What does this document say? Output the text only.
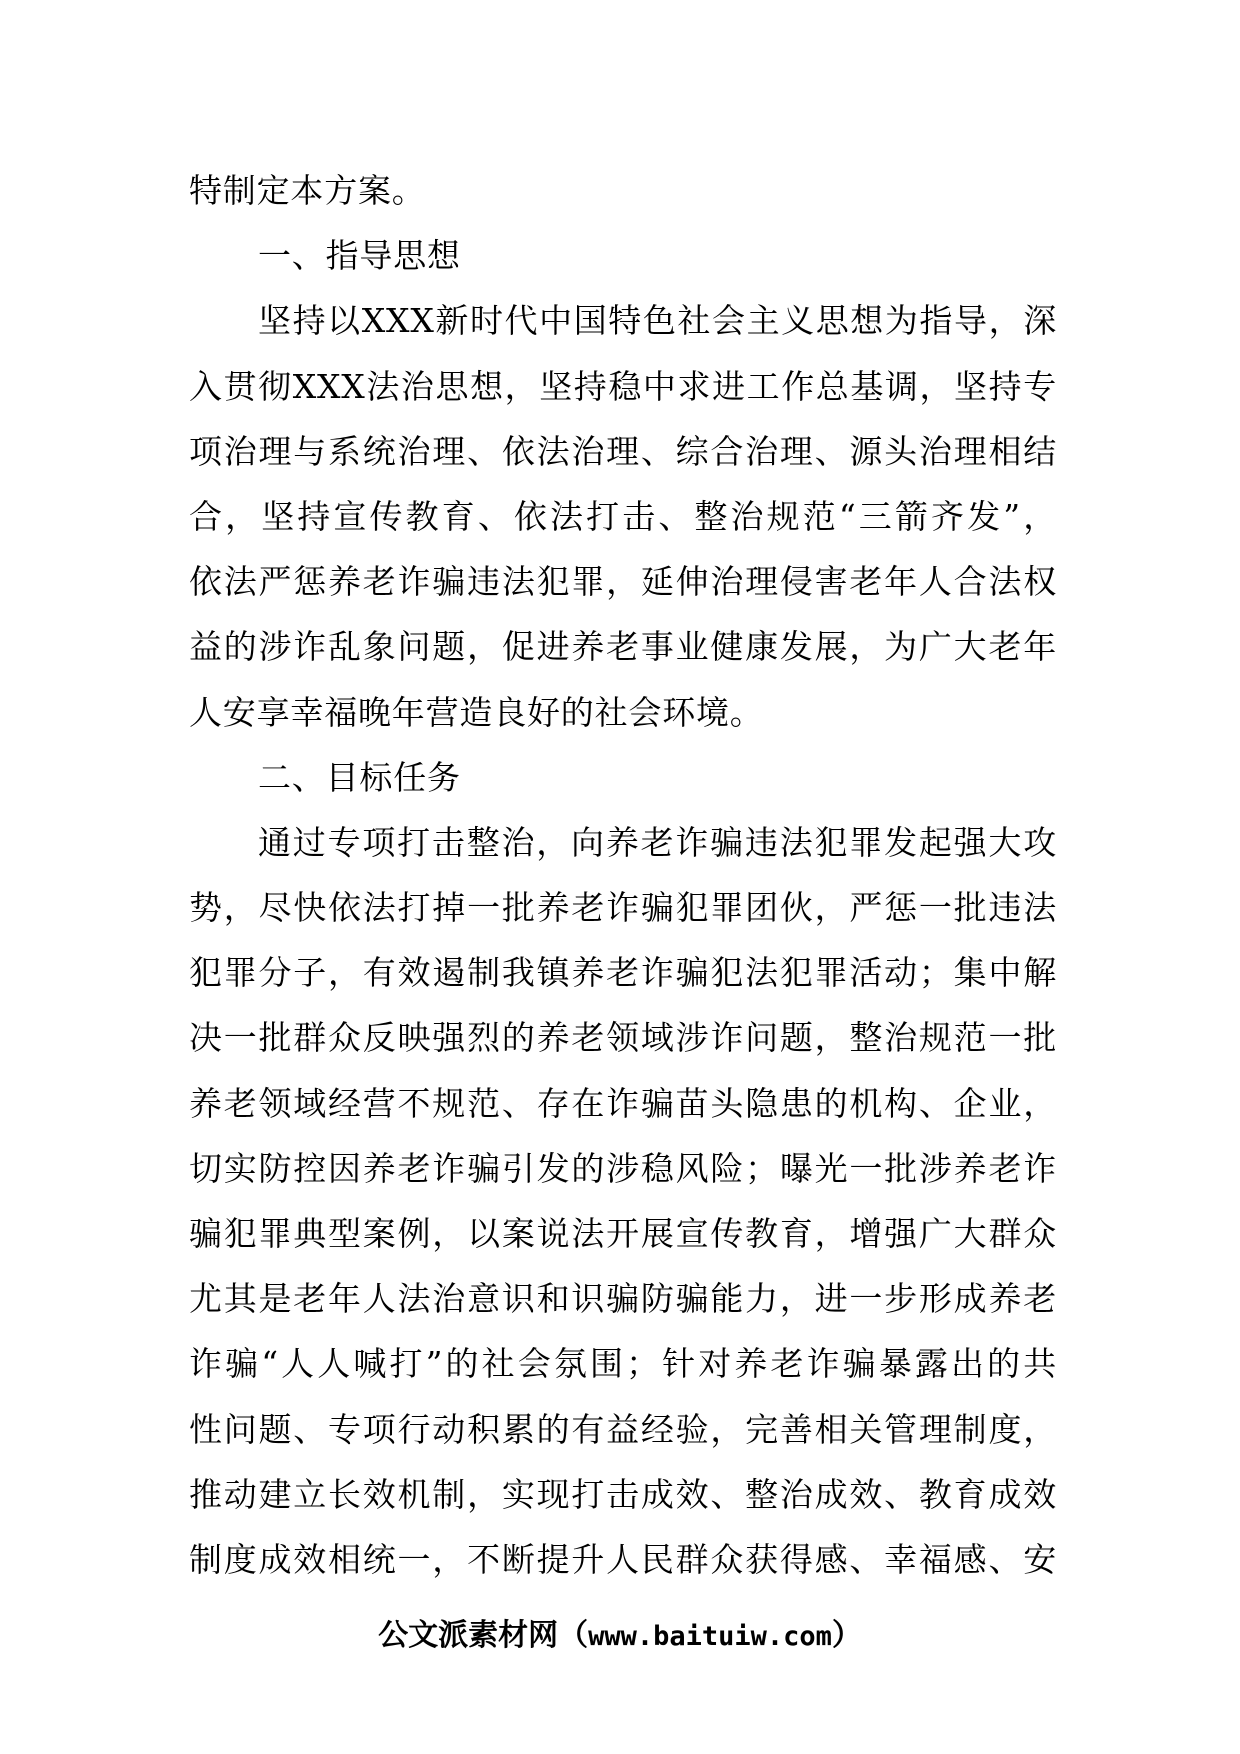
特制定本方案。
一、指导思想
坚持以XXX新时代中国特色社会主义思想为指导，深
入贯彻XXX法治思想，坚持稳中求进工作总基调，坚持专
项治理与系统治理、依法治理、综合治理、源头治理相结
合，坚持宣传教育、依法打击、整治规范“三箭齐发”，
依法严惩养老诈骗违法犯罪，延伸治理侵害老年人合法权
益的涉诈乱象问题，促进养老事业健康发展，为广大老年
人安享幸福晚年营造良好的社会环境。
二、目标任务
通过专项打击整治，向养老诈骗违法犯罪发起强大攻
势，尽快依法打掉一批养老诈骗犯罪团伙，严惩一批违法
犯罪分子，有效遏制我镇养老诈骗犯法犯罪活动；集中解
决一批群众反映强烈的养老领域涉诈问题，整治规范一批
养老领域经营不规范、存在诈骗苗头隐患的机构、企业，
切实防控因养老诈骗引发的涉稳风险；曝光一批涉养老诈
骗犯罪典型案例，以案说法开展宣传教育，增强广大群众
尤其是老年人法治意识和识骗防骗能力，进一步形成养老
诈骗“人人喊打”的社会氛围；针对养老诈骗暴露出的共
性问题、专项行动积累的有益经验，完善相关管理制度，
推动建立长效机制，实现打击成效、整治成效、教育成效
制度成效相统一，不断提升人民群众获得感、幸福感、安
公文派素材网（www.baituiw.com）
